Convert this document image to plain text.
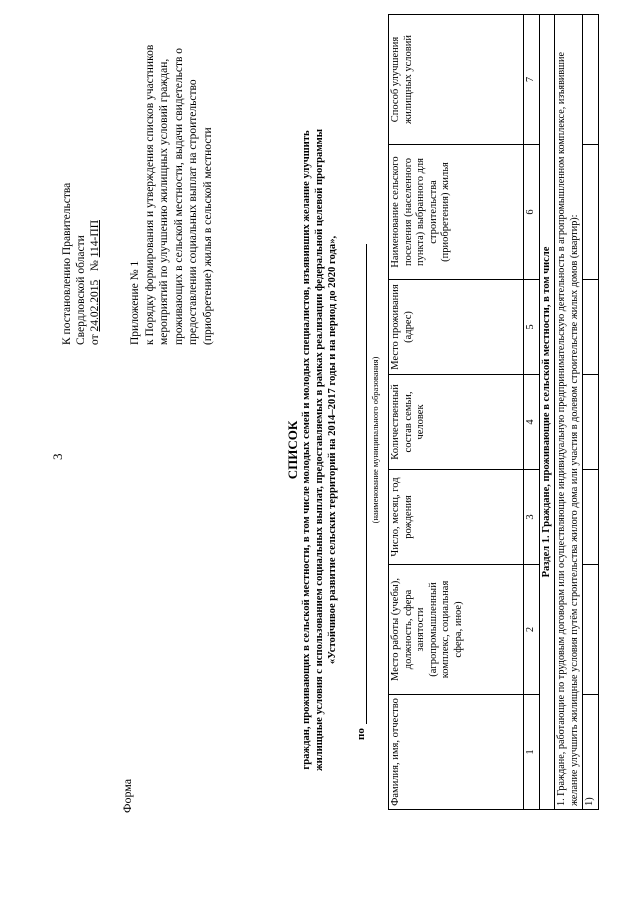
3
К постановлению Правительства Свердловской области от 24.02.2015   № 114-ПП

Приложение № 1 к Порядку формирования и утверждения списков участников мероприятий по улучшению жилищных условий граждан, проживающих в сельской местности, выдачи свидетельств о предоставлении социальных выплат на строительство (приобретение) жилья в сельской местности

Форма
СПИСОК граждан, проживающих в сельской местности, в том числе молодых семей и молодых специалистов, изъявивших желание улучшить жилищные условия с использованием социальных выплат, предоставляемых в рамках реализации федеральной целевой программы «Устойчивое развитие сельских территорий на 2014–2017 годы и на период до 2020 года»,
по
(наименование муниципального образования)
Фамилия, имя, отчество	Место работы (учебы), должность, сфера занятости (агропромышленный комплекс, социальная сфера, иное)	Число, месяц, год рождения	Количественный состав семьи, человек	Место проживания (адрес)	Наименование сельского поселения (населенного пункта) выбранного для строительства (приобретения) жилья	Способ улучшения жилищных условий
1	2	3	4	5	6	7
Раздел 1. Граждане, проживающие в сельской местности, в том числе						
1. Граждане, работающие по трудовым договорам или осуществляющие индивидуальную предпринимательскую деятельность в агропромышленном комплексе, изъявившие желание улучшить жилищные условия путём строительства жилого дома или участия в долевом строительстве жилых домов (квартир):						
1)						
